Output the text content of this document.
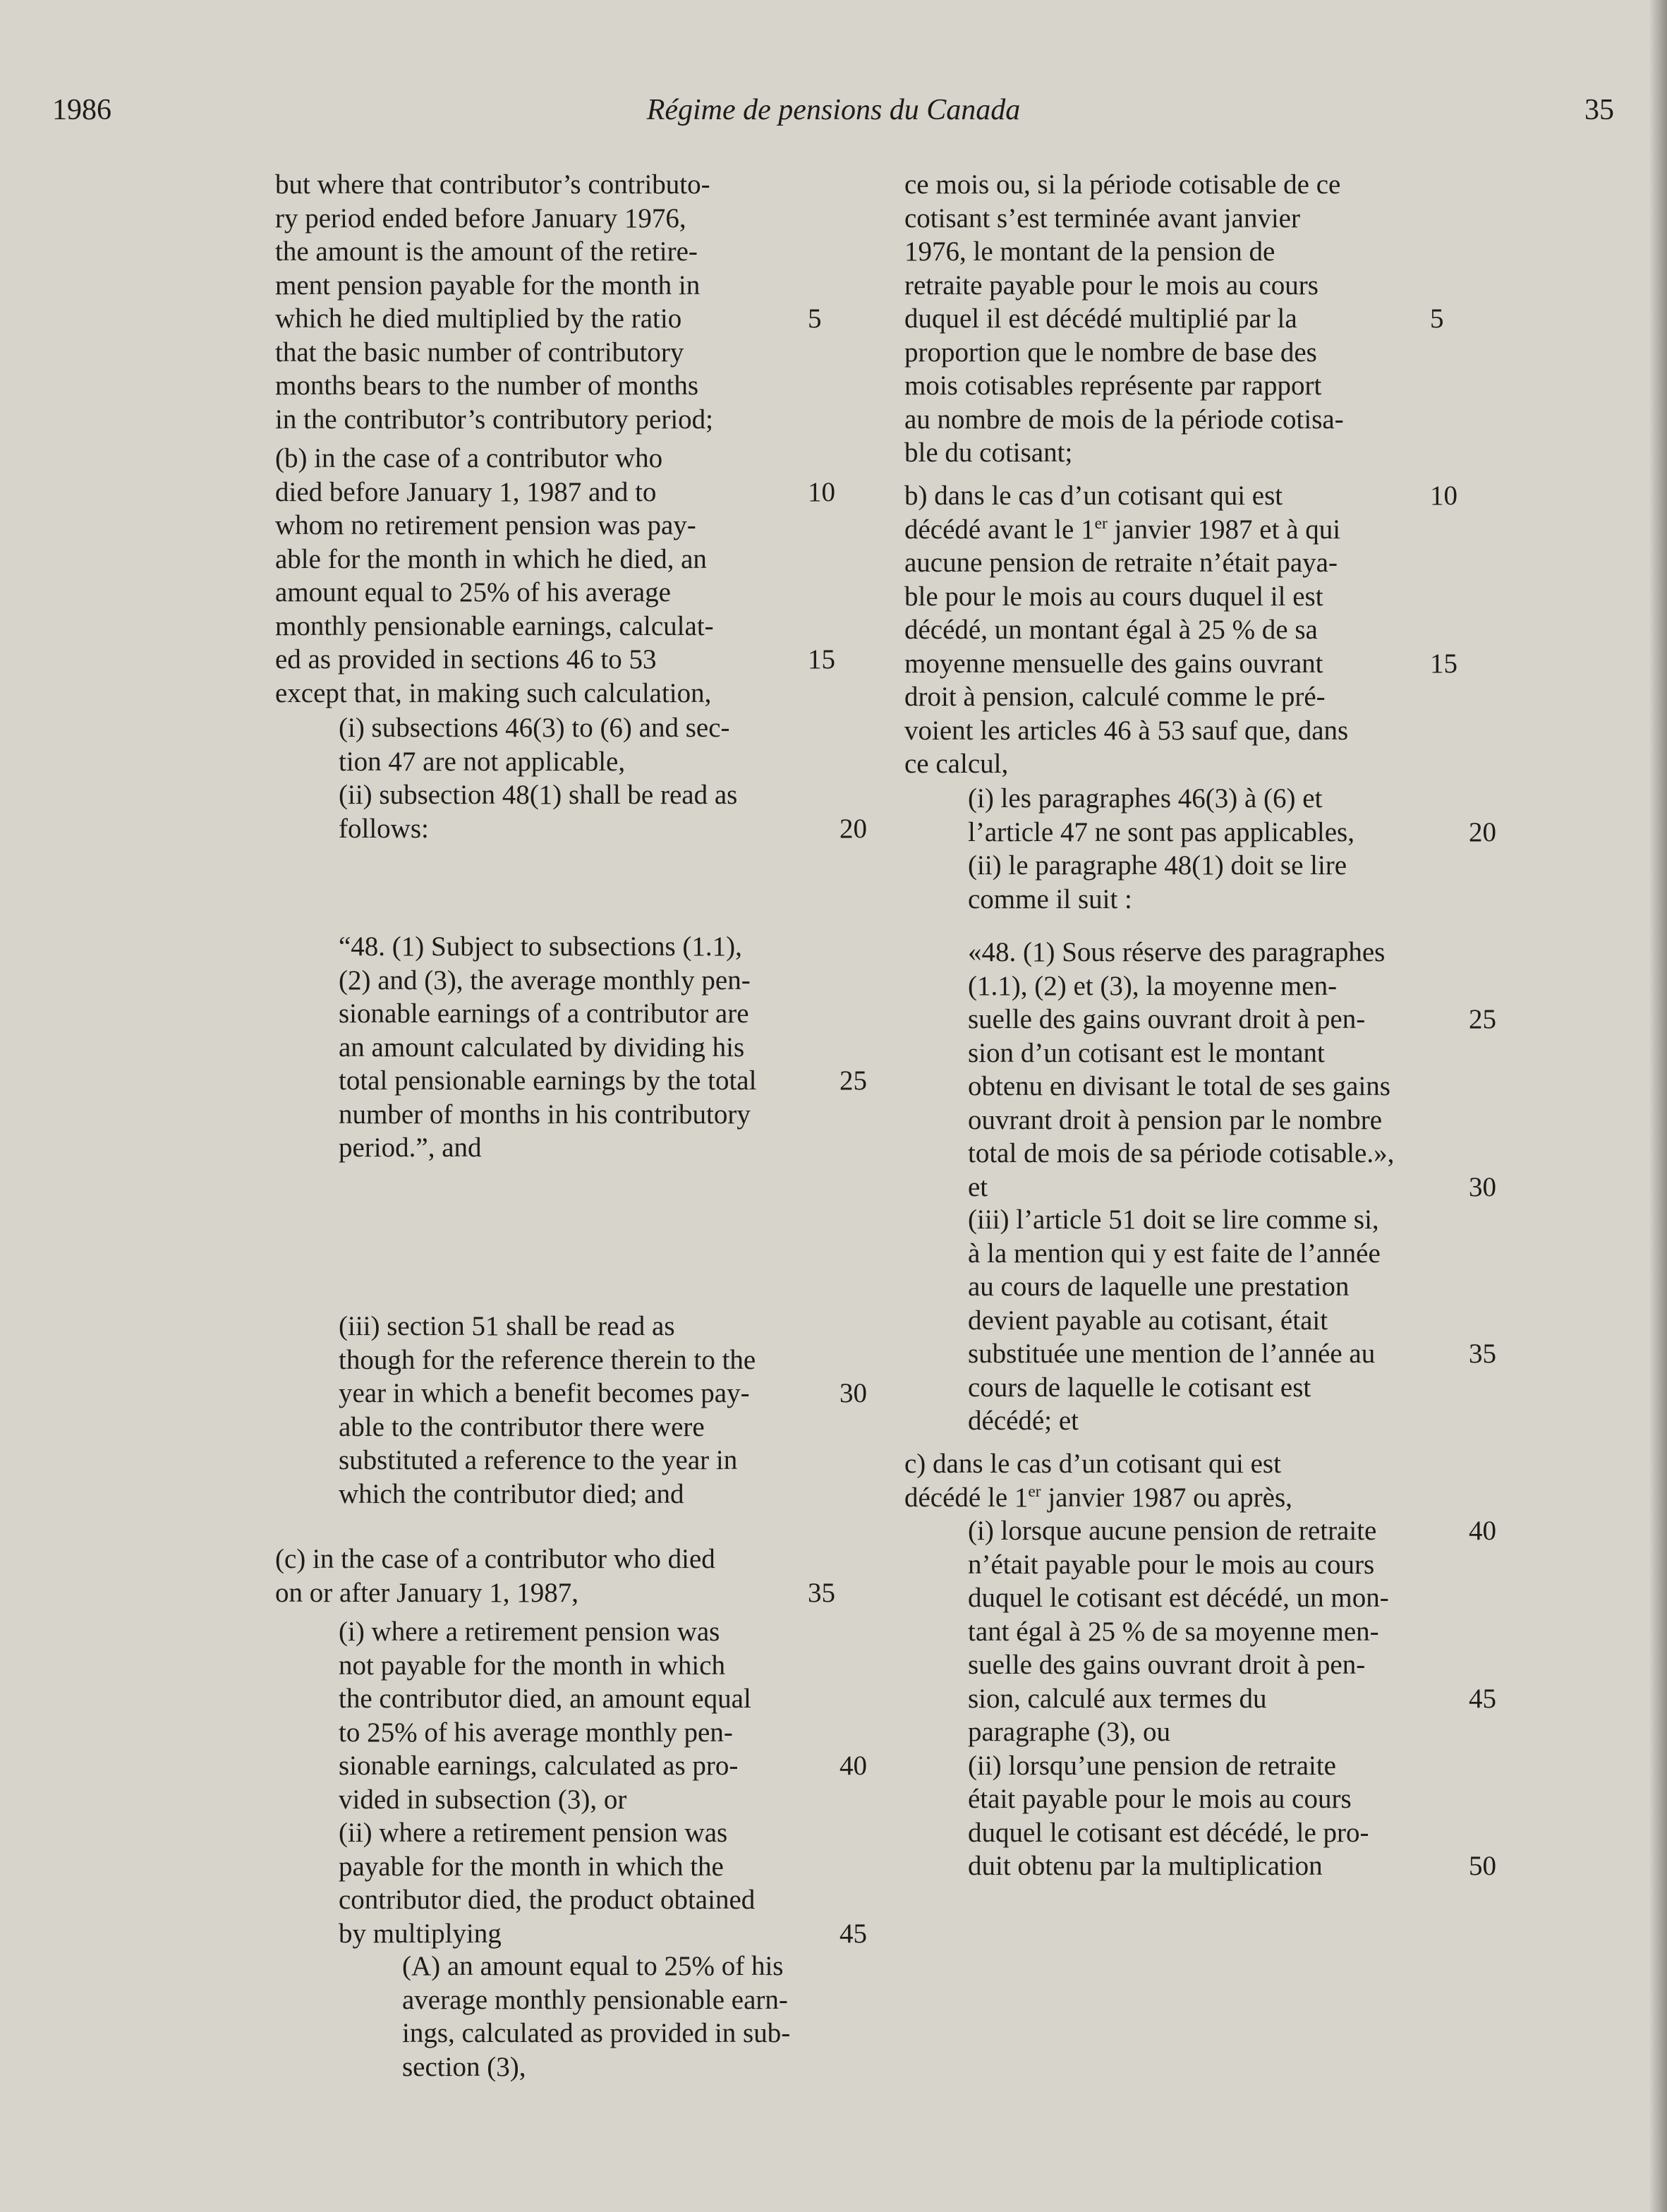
1986	Régime de pensions du Canada	35
but where that contributor’s contributo-
ry period ended before January 1976,
the amount is the amount of the retire-
ment pension payable for the month in
which he died multiplied by the ratio	5
that the basic number of contributory
months bears to the number of months
in the contributor’s contributory period;
(b) in the case of a contributor who
died before January 1, 1987 and to	10
whom no retirement pension was pay-
able for the month in which he died, an
amount equal to 25% of his average
monthly pensionable earnings, calculat-
ed as provided in sections 46 to 53	15
except that, in making such calculation,
(i) subsections 46(3) to (6) and sec-
tion 47 are not applicable,
(ii) subsection 48(1) shall be read as
follows:	20
“48. (1) Subject to subsections (1.1),
(2) and (3), the average monthly pen-
sionable earnings of a contributor are
an amount calculated by dividing his
total pensionable earnings by the total	25
number of months in his contributory
period.”, and
(iii) section 51 shall be read as
though for the reference therein to the
year in which a benefit becomes pay-	30
able to the contributor there were
substituted a reference to the year in
which the contributor died; and
(c) in the case of a contributor who died
on or after January 1, 1987,	35
(i) where a retirement pension was
not payable for the month in which
the contributor died, an amount equal
to 25% of his average monthly pen-
sionable earnings, calculated as pro-	40
vided in subsection (3), or
(ii) where a retirement pension was
payable for the month in which the
contributor died, the product obtained
by multiplying	45
(A) an amount equal to 25% of his
average monthly pensionable earn-
ings, calculated as provided in sub-
section (3),
ce mois ou, si la période cotisable de ce
cotisant s’est terminée avant janvier
1976, le montant de la pension de
retraite payable pour le mois au cours
duquel il est décédé multiplié par la	5
proportion que le nombre de base des
mois cotisables représente par rapport
au nombre de mois de la période cotisa-
ble du cotisant;
b) dans le cas d’un cotisant qui est	10
décédé avant le 1er janvier 1987 et à qui
aucune pension de retraite n’était paya-
ble pour le mois au cours duquel il est
décédé, un montant égal à 25 % de sa
moyenne mensuelle des gains ouvrant	15
droit à pension, calculé comme le pré-
voient les articles 46 à 53 sauf que, dans
ce calcul,
(i) les paragraphes 46(3) à (6) et
l’article 47 ne sont pas applicables,	20
(ii) le paragraphe 48(1) doit se lire
comme il suit :
«48. (1) Sous réserve des paragraphes
(1.1), (2) et (3), la moyenne men-
suelle des gains ouvrant droit à pen-	25
sion d’un cotisant est le montant
obtenu en divisant le total de ses gains
ouvrant droit à pension par le nombre
total de mois de sa période cotisable.»,
et	30
(iii) l’article 51 doit se lire comme si,
à la mention qui y est faite de l’année
au cours de laquelle une prestation
devient payable au cotisant, était
substituée une mention de l’année au	35
cours de laquelle le cotisant est
décédé; et
c) dans le cas d’un cotisant qui est
décédé le 1er janvier 1987 ou après,
(i) lorsque aucune pension de retraite	40
n’était payable pour le mois au cours
duquel le cotisant est décédé, un mon-
tant égal à 25 % de sa moyenne men-
suelle des gains ouvrant droit à pen-
sion, calculé aux termes du	45
paragraphe (3), ou
(ii) lorsqu’une pension de retraite
était payable pour le mois au cours
duquel le cotisant est décédé, le pro-
duit obtenu par la multiplication	50
